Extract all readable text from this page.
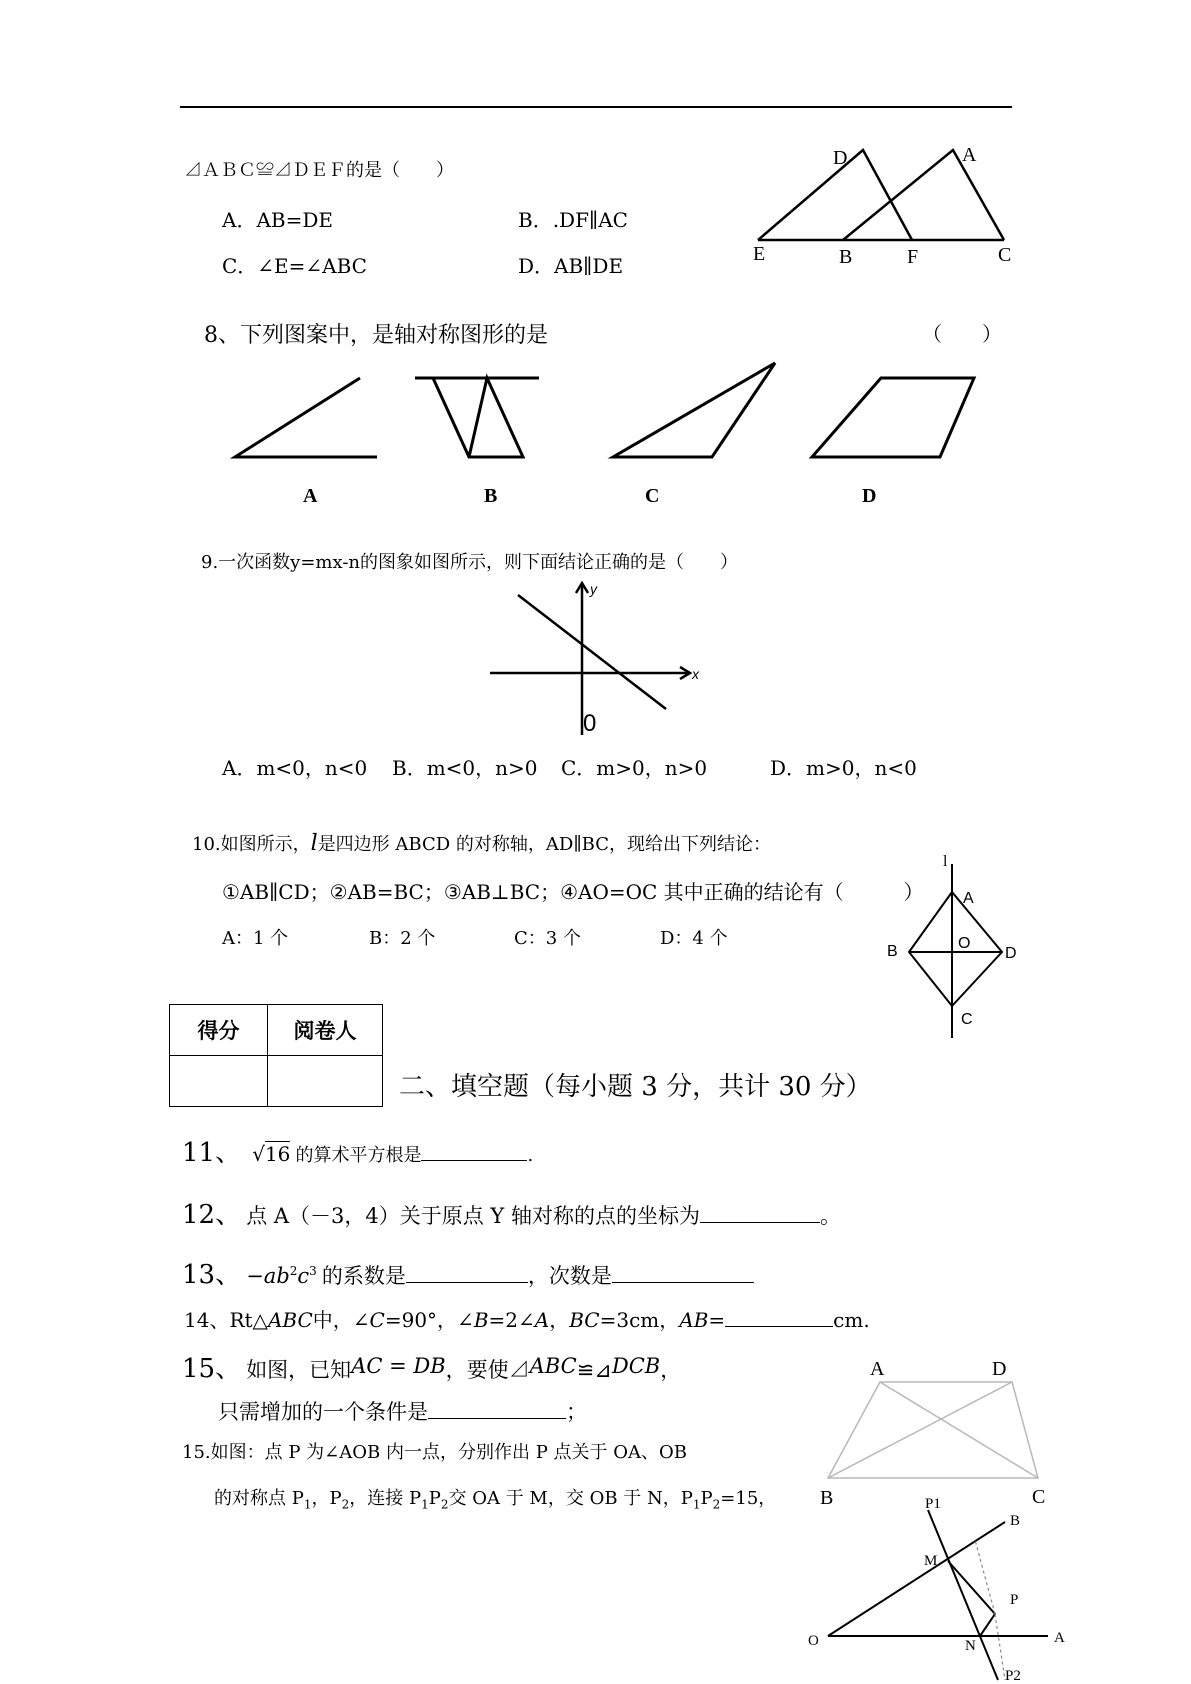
⊿ＡＢＣ≌⊿ＤＥＦ的是（　　）
A．AB=DE	B．.DF∥AC
C．∠E=∠ABC	D．AB∥DE
D	A
E	B	F	C
8、下列图案中，是轴对称图形的是	（　　）
A	B	C	D
9.一次函数y=mx-n的图象如图所示，则下面结论正确的是（　　）
y
x
0
A．m<0，n<0 B．m<0，n>0 C．m>0，n>0	D．m>0，n<0
10.如图所示，l是四边形 ABCD 的对称轴，AD∥BC，现给出下列结论：
①AB∥CD；②AB=BC；③AB⊥BC；④AO=OC 其中正确的结论有（　　　）
A：1 个	B：2 个	C：3 个	D：4 个
l
A
B	O
D
C
得分	阅卷人

二、填空题（每小题 3 分，共计 30 分）
11、 √16 的算术平方根是	.
12、 点 A（－3，4）关于原点 Y 轴对称的点的坐标为	。
13、 $-ab^2c^3$ 的系数是	，次数是
14、Rt△ABC中，∠C=90°，∠B=2∠A，BC=3cm，AB=	cm.
15、 如图，已知AC = DB，要使⊿ABC≌⊿DCB，
只需增加的一个条件是	；
A	D
B	C
15.如图：点 P 为∠AOB 内一点，分别作出 P 点关于 OA、OB
的对称点 $P_1$，$P_2$，连接 $P_1P_2$交 OA 于 M，交 OB 于 N，$P_1P_2=15$，	P1
B
M
P
O	N	A
P2
